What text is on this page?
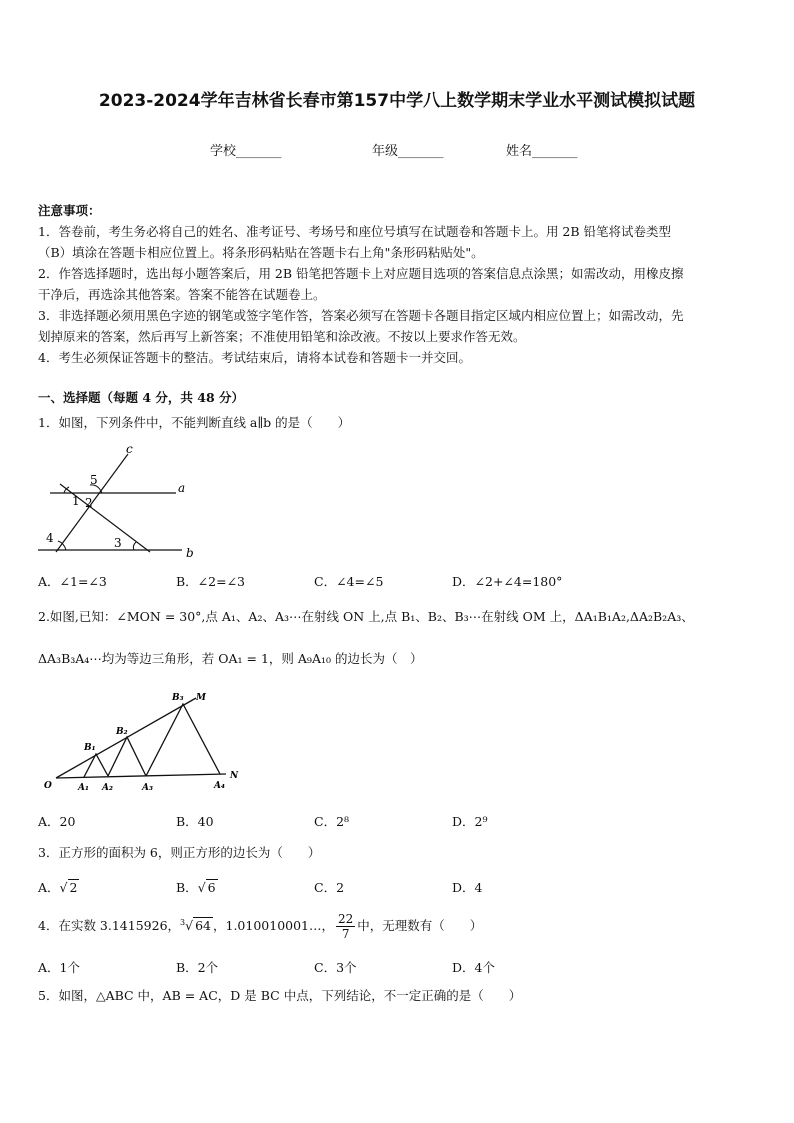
2023-2024学年吉林省长春市第157中学八上数学期末学业水平测试模拟试题
学校_______	年级_______	姓名_______

注意事项：

1．答卷前，考生务必将自己的姓名、准考证号、考场号和座位号填写在试题卷和答题卡上。用 2B 铅笔将试卷类型

（B）填涂在答题卡相应位置上。将条形码粘贴在答题卡右上角"条形码粘贴处"。

2．作答选择题时，选出每小题答案后，用 2B 铅笔把答题卡上对应题目选项的答案信息点涂黑；如需改动，用橡皮擦

干净后，再选涂其他答案。答案不能答在试题卷上。

3．非选择题必须用黑色字迹的钢笔或签字笔作答，答案必须写在答题卡各题目指定区域内相应位置上；如需改动，先

划掉原来的答案，然后再写上新答案；不准使用铅笔和涂改液。不按以上要求作答无效。

4．考生必须保证答题卡的整洁。考试结束后，请将本试卷和答题卡一并交回。

一、选择题（每题 4 分，共 48 分）
1．如图，下列条件中，不能判断直线 a∥b 的是（　　）
c
a
b
5
1 2
4	3
A．∠1=∠3	B．∠2=∠3	C．∠4=∠5	D．∠2+∠4=180°
2.如图,已知：∠MON = 30°,点 A₁、A₂、A₃⋯在射线 ON 上,点 B₁、B₂、B₃⋯在射线 OM 上，ΔA₁B₁A₂,ΔA₂B₂A₃、
ΔA₃B₃A₄⋯均为等边三角形，若 OA₁ = 1，则 A₉A₁₀ 的边长为（　）
O
N
M
A₁ A₂	A₃	A₄
B₁
B₂
B₃
A．20	B．40	C．2⁸	D．2⁹
3．正方形的面积为 6，则正方形的边长为（　　）
A．√ 2	B．√ 6	C．2	D．4
4．在实数 3.1415926，$^3$√ 64 ，1.010010001…， $\frac{22}{7}$ 中，无理数有（　　）
A．1个	B．2个	C．3个	D．4个
5．如图，△ABC 中，AB = AC，D 是 BC 中点，下列结论，不一定正确的是（　　）
